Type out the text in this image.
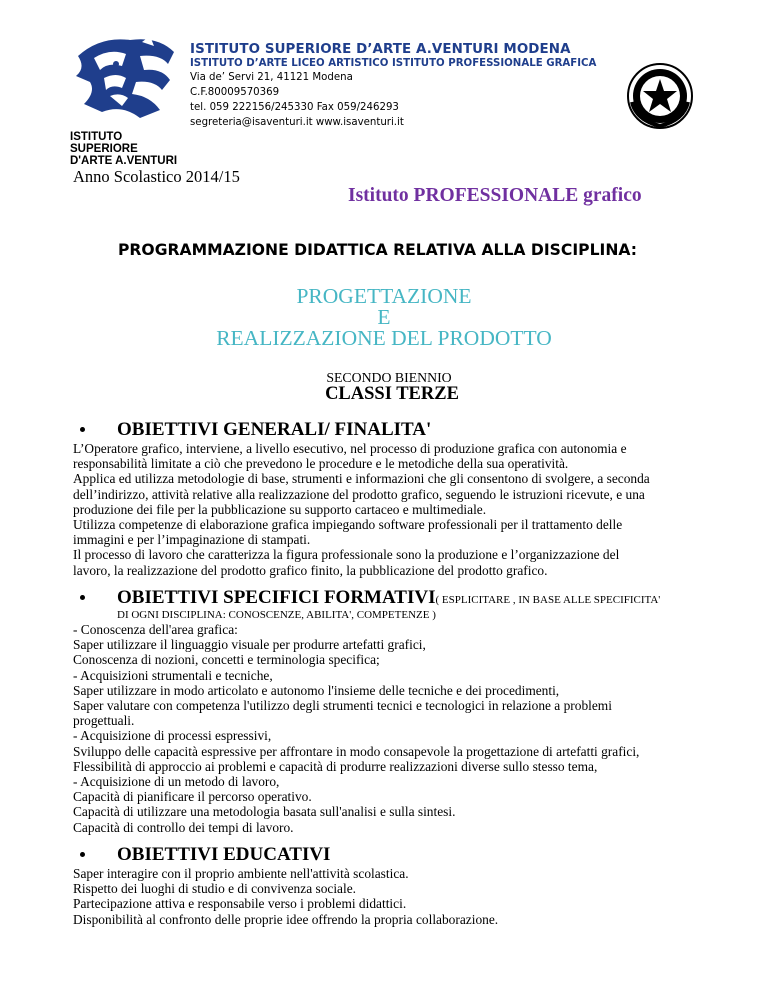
ISTITUTO SUPERIORE
D'ARTE A.VENTURI
ISTITUTO SUPERIORE D’ARTE A.VENTURI MODENA
ISTITUTO D’ARTE LICEO ARTISTICO ISTITUTO PROFESSIONALE GRAFICA
Via de’ Servi 21, 41121 Modena
C.F.80009570369
tel. 059 222156/245330 Fax 059/246293
segreteria@isaventuri.it www.isaventuri.it
Anno Scolastico 2014/15
Istituto PROFESSIONALE grafico
PROGRAMMAZIONE DIDATTICA RELATIVA ALLA DISCIPLINA:
PROGETTAZIONE
E
REALIZZAZIONE DEL PRODOTTO
SECONDO BIENNIO
CLASSI TERZE
OBIETTIVI GENERALI/ FINALITA'

L’Operatore grafico, interviene, a livello esecutivo, nel processo di produzione grafica con autonomia e

responsabilità limitate a ciò che prevedono le procedure e le metodiche della sua operatività.

Applica ed utilizza metodologie di base, strumenti e informazioni che gli consentono di svolgere, a seconda

dell’indirizzo, attività relative alla realizzazione del prodotto grafico, seguendo le istruzioni ricevute, e una

produzione dei file per la pubblicazione su supporto cartaceo e multimediale.

Utilizza competenze di elaborazione grafica impiegando software professionali per il trattamento delle

immagini e per l’impaginazione di stampati.

Il processo di lavoro che caratterizza la figura professionale sono la produzione e l’organizzazione del

lavoro, la realizzazione del prodotto grafico finito, la pubblicazione del prodotto grafico.

OBIETTIVI SPECIFICI FORMATIVI( ESPLICITARE , IN BASE ALLE SPECIFICITA'
DI OGNI DISCIPLINA: CONOSCENZE, ABILITA', COMPETENZE )

- Conoscenza dell'area grafica:

Saper utilizzare il linguaggio visuale per produrre artefatti grafici,

Conoscenza di nozioni, concetti e terminologia specifica;

- Acquisizioni strumentali e tecniche,

Saper utilizzare in modo articolato e autonomo l'insieme delle tecniche e dei procedimenti,

Saper valutare con competenza l'utilizzo degli strumenti tecnici e tecnologici in relazione a problemi

progettuali.

- Acquisizione di processi espressivi,

Sviluppo delle capacità espressive per affrontare in modo consapevole la progettazione di artefatti grafici,

Flessibilità di approccio ai problemi e capacità di produrre realizzazioni diverse sullo stesso tema,

- Acquisizione di un metodo di lavoro,

Capacità di pianificare il percorso operativo.

Capacità di utilizzare una metodologia basata sull'analisi e sulla sintesi.

Capacità di controllo dei tempi di lavoro.

OBIETTIVI EDUCATIVI

Saper interagire con il proprio ambiente nell'attività scolastica.

Rispetto dei luoghi di studio e di convivenza sociale.

Partecipazione attiva e responsabile verso i problemi didattici.

Disponibilità al confronto delle proprie idee offrendo la propria collaborazione.
